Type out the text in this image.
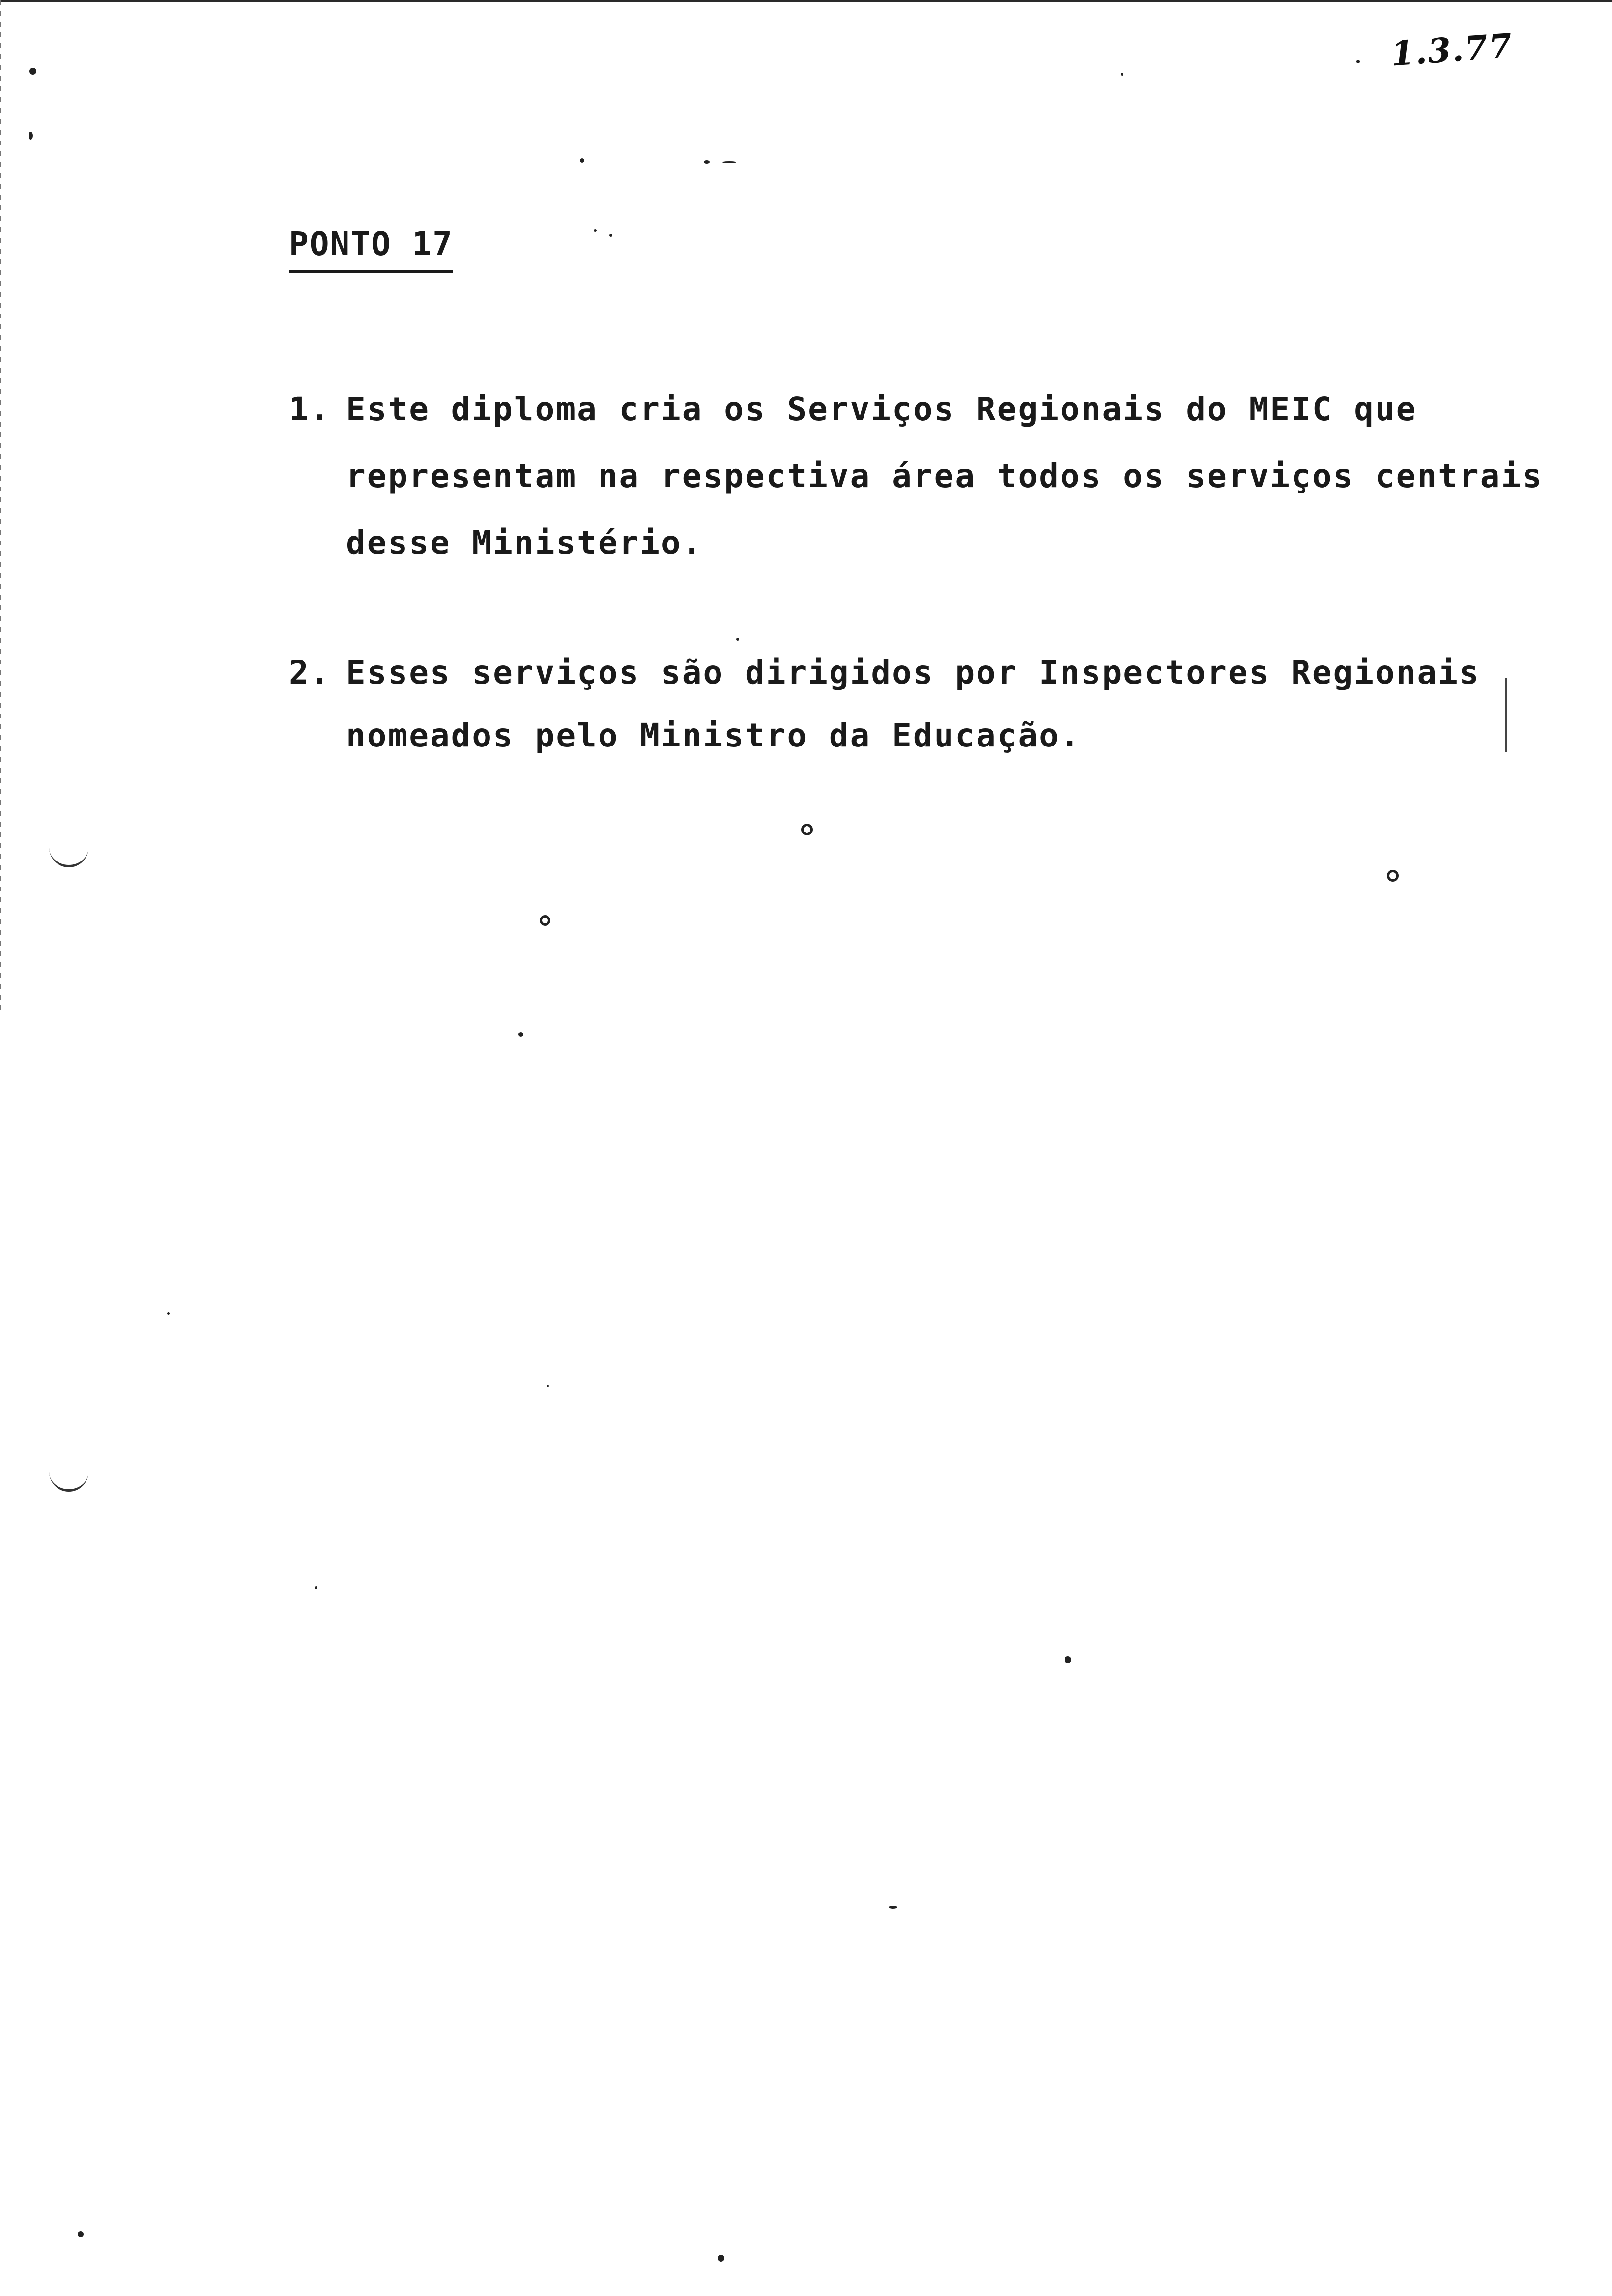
1.3.77
PONTO 17
1. Este diploma cria os Serviços Regionais do MEIC que
representam na respectiva área todos os serviços centrais
desse Ministério.
2. Esses serviços são dirigidos por Inspectores Regionais
nomeados pelo Ministro da Educação.
